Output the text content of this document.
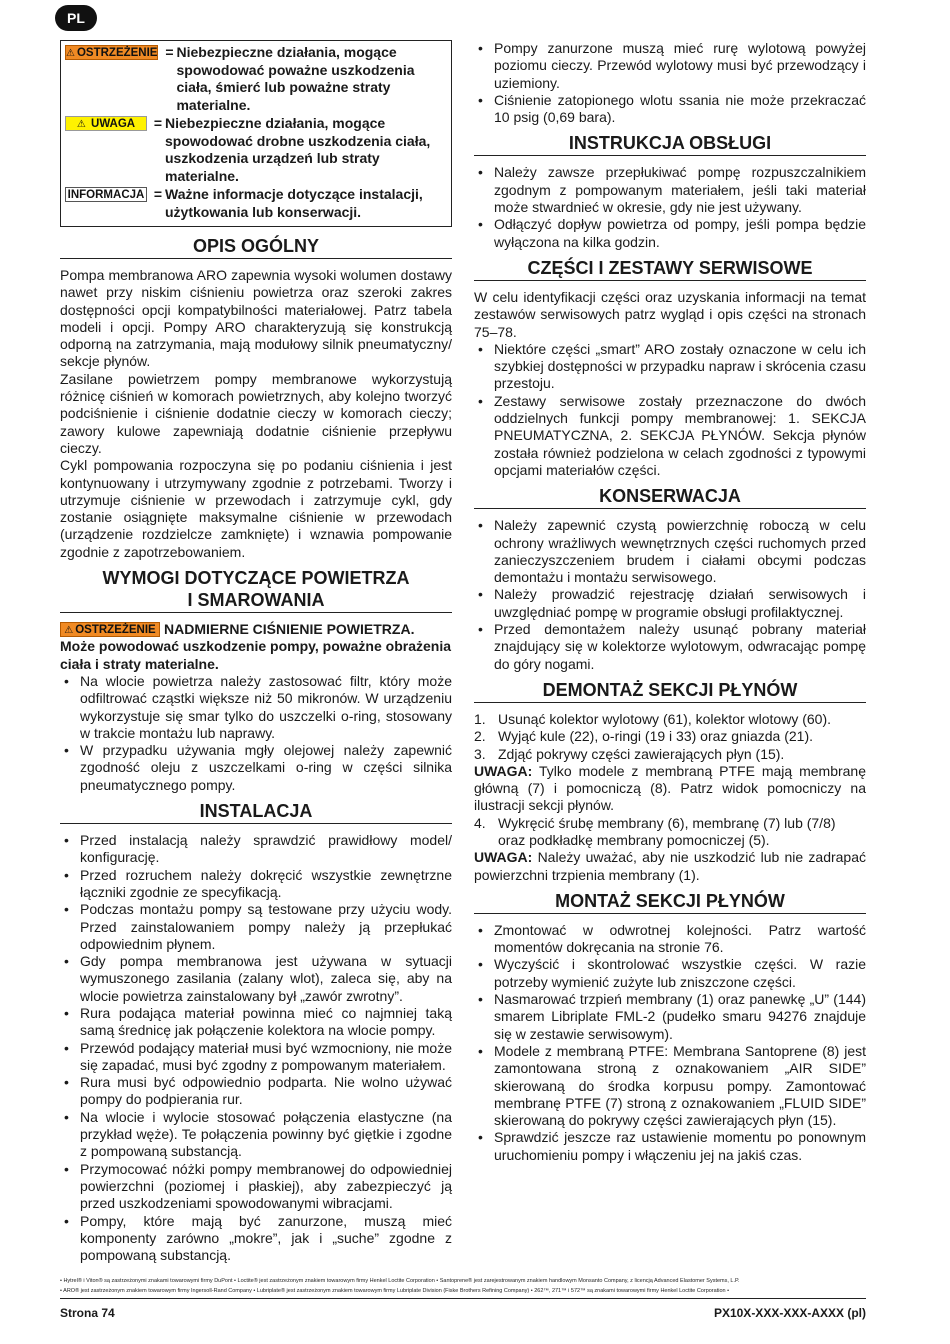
PL
⚠ OSTRZEŻENIE = Niebezpieczne działania, mogące spowodować poważne uszkodzenia ciała, śmierć lub poważne straty materialne.
⚠ UWAGA	= Niebezpieczne działania, mogące spowodować drobne uszkodzenia ciała, uszkodzenia urządzeń lub straty materialne.
INFORMACJA = Ważne informacje dotyczące instalacji, użytkowania lub konserwacji.
OPIS OGÓLNY

Pompa membranowa ARO zapewnia wysoki wolumen dostawy nawet przy niskim ciśnieniu powietrza oraz szeroki zakres dostępności opcji kompatybilności materiałowej. Patrz tabela modeli i opcji. Pompy ARO charakteryzują się konstrukcją odporną na zatrzymania, mają modułowy silnik pneumatyczny/ sekcje płynów.

Zasilane powietrzem pompy membranowe wykorzystują różnicę ciśnień w komorach powietrznych, aby kolejno tworzyć podciśnienie i ciśnienie dodatnie cieczy w komorach cieczy; zawory kulowe zapewniają dodatnie ciśnienie przepływu cieczy.

Cykl pompowania rozpoczyna się po podaniu ciśnienia i jest kontynuowany i utrzymywany zgodnie z potrzebami. Tworzy i utrzymuje ciśnienie w przewodach i zatrzymuje cykl, gdy zostanie osiągnięte maksymalne ciśnienie w przewodach (urządzenie rozdzielcze zamknięte) i wznawia pompowanie zgodnie z zapotrzebowaniem.

WYMOGI DOTYCZĄCE POWIETRZA
I SMAROWANIA
⚠ OSTRZEŻENIE NADMIERNE CIŚNIENIE POWIETRZA. Może powodować uszkodzenie pompy, poważne obrażenia ciała i straty materialne.
• Na wlocie powietrza należy zastosować filtr, który może odfiltrować cząstki większe niż 50 mikronów. W urządzeniu wykorzystuje się smar tylko do uszczelki o-ring, stosowany w trakcie montażu lub naprawy.
• W przypadku używania mgły olejowej należy zapewnić zgodność oleju z uszczelkami o-ring w części silnika pneumatycznego pompy.
INSTALACJA
• Przed instalacją należy sprawdzić prawidłowy model/ konfigurację.
• Przed rozruchem należy dokręcić wszystkie zewnętrzne łączniki zgodnie ze specyfikacją.
• Podczas montażu pompy są testowane przy użyciu wody. Przed zainstalowaniem pompy należy ją przepłukać odpowiednim płynem.
• Gdy pompa membranowa jest używana w sytuacji wymuszonego zasilania (zalany wlot), zaleca się, aby na wlocie powietrza zainstalowany był „zawór zwrotny”.
• Rura podająca materiał powinna mieć co najmniej taką samą średnicę jak połączenie kolektora na wlocie pompy.
• Przewód podający materiał musi być wzmocniony, nie może się zapadać, musi być zgodny z pompowanym materiałem.
• Rura musi być odpowiednio podparta. Nie wolno używać pompy do podpierania rur.
• Na wlocie i wylocie stosować połączenia elastyczne (na przykład węże). Te połączenia powinny być giętkie i zgodne z pompowaną substancją.
• Przymocować nóżki pompy membranowej do odpowiedniej powierzchni (poziomej i płaskiej), aby zabezpieczyć ją przed uszkodzeniami spowodowanymi wibracjami.
• Pompy, które mają być zanurzone, muszą mieć komponenty zarówno „mokre”, jak i „suche” zgodne z pompowaną substancją.
• Pompy zanurzone muszą mieć rurę wylotową powyżej poziomu cieczy. Przewód wylotowy musi być przewodzący i uziemiony.
• Ciśnienie zatopionego wlotu ssania nie może przekraczać 10 psig (0,69 bara).
INSTRUKCJA OBSŁUGI
• Należy zawsze przepłukiwać pompę rozpuszczalnikiem zgodnym z pompowanym materiałem, jeśli taki materiał może stwardnieć w okresie, gdy nie jest używany.
• Odłączyć dopływ powietrza od pompy, jeśli pompa będzie wyłączona na kilka godzin.
CZĘŚCI I ZESTAWY SERWISOWE

W celu identyfikacji części oraz uzyskania informacji na temat zestawów serwisowych patrz wygląd i opis części na stronach 75–78.

• Niektóre części „smart” ARO zostały oznaczone w celu ich szybkiej dostępności w przypadku napraw i skrócenia czasu przestoju.
• Zestawy serwisowe zostały przeznaczone do dwóch oddzielnych funkcji pompy membranowej: 1. SEKCJA PNEUMATYCZNA, 2. SEKCJA PŁYNÓW. Sekcja płynów została również podzielona w celach zgodności z typowymi opcjami materiałów części.
KONSERWACJA
• Należy zapewnić czystą powierzchnię roboczą w celu ochrony wrażliwych wewnętrznych części ruchomych przed zanieczyszczeniem brudem i ciałami obcymi podczas demontażu i montażu serwisowego.
• Należy prowadzić rejestrację działań serwisowych i uwzględniać pompę w programie obsługi profilaktycznej.
• Przed demontażem należy usunąć pobrany materiał znajdujący się w kolektorze wylotowym, odwracając pompę do góry nogami.
DEMONTAŻ SEKCJI PŁYNÓW
1. Usunąć kolektor wylotowy (61), kolektor wlotowy (60).
2. Wyjąć kule (22), o-ringi (19 i 33) oraz gniazda (21).
3. Zdjąć pokrywy części zawierających płyn (15).

UWAGA: Tylko modele z membraną PTFE mają membranę główną (7) i pomocniczą (8). Patrz widok pomocniczy na ilustracji sekcji płynów.

4. Wykręcić śrubę membrany (6), membranę (7) lub (7/8) oraz podkładkę membrany pomocniczej (5).

UWAGA: Należy uważać, aby nie uszkodzić lub nie zadrapać powierzchni trzpienia membrany (1).

MONTAŻ SEKCJI PŁYNÓW
• Zmontować w odwrotnej kolejności. Patrz wartość momentów dokręcania na stronie 76.
• Wyczyścić i skontrolować wszystkie części. W razie potrzeby wymienić zużyte lub zniszczone części.
• Nasmarować trzpień membrany (1) oraz panewkę „U” (144) smarem Libriplate FML-2 (pudełko smaru 94276 znajduje się w zestawie serwisowym).
• Modele z membraną PTFE: Membrana Santoprene (8) jest zamontowana stroną z oznakowaniem „AIR SIDE” skierowaną do środka korpusu pompy. Zamontować membranę PTFE (7) stroną z oznakowaniem „FLUID SIDE” skierowaną do pokrywy części zawierających płyn (15).
• Sprawdzić jeszcze raz ustawienie momentu po ponownym uruchomieniu pompy i włączeniu jej na jakiś czas.
• Hytrel® i Viton® są zastrzeżonymi znakami towarowymi firmy DuPont • Loctite® jest zastrzeżonym znakiem towarowym firmy Henkel Loctite Corporation • Santoprene® jest zarejestrowanym znakiem handlowym Monsanto Company, z licencją Advanced Elastomer Systems, L.P.
• ARO® jest zastrzeżonym znakiem towarowym firmy Ingersoll-Rand Company • Lubriplate® jest zastrzeżonym znakiem towarowym firmy Lubriplate Division (Fiske Brothers Refining Company) • 262™, 271™ i 572™ są znakami towarowymi firmy Henkel Loctite Corporation •
Strona 74	PX10X-XXX-XXX-AXXX (pl)
